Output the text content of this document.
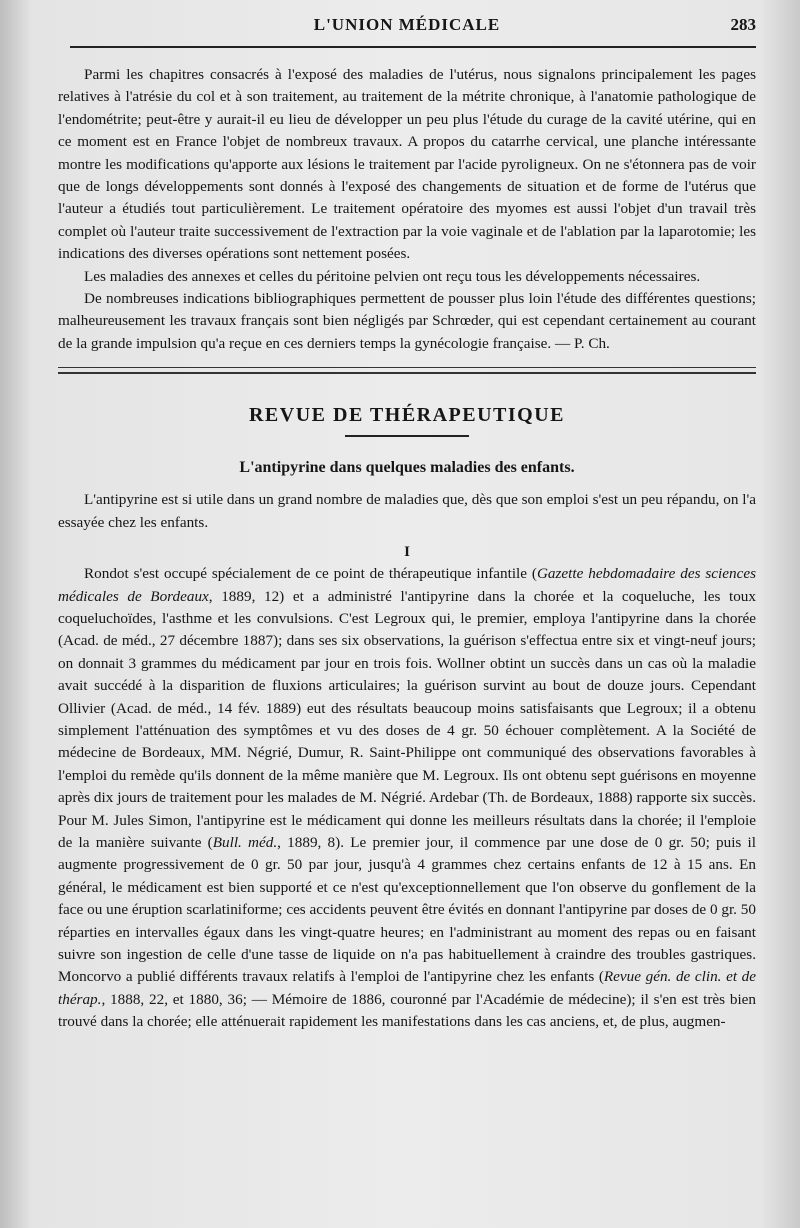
L'UNION MÉDICALE	283

Parmi les chapitres consacrés à l'exposé des maladies de l'utérus, nous signalons principalement les pages relatives à l'atrésie du col et à son traitement, au traitement de la métrite chronique, à l'anatomie pathologique de l'endométrite; peut-être y aurait-il eu lieu de développer un peu plus l'étude du curage de la cavité utérine, qui en ce moment est en France l'objet de nombreux travaux. A propos du catarrhe cervical, une planche intéressante montre les modifications qu'apporte aux lésions le traitement par l'acide pyroligneux. On ne s'étonnera pas de voir que de longs développements sont donnés à l'exposé des changements de situation et de forme de l'utérus que l'auteur a étudiés tout particulièrement. Le traitement opératoire des myomes est aussi l'objet d'un travail très complet où l'auteur traite successivement de l'extraction par la voie vaginale et de l'ablation par la laparotomie; les indications des diverses opérations sont nettement posées.

Les maladies des annexes et celles du péritoine pelvien ont reçu tous les développements nécessaires.

De nombreuses indications bibliographiques permettent de pousser plus loin l'étude des différentes questions; malheureusement les travaux français sont bien négligés par Schrœder, qui est cependant certainement au courant de la grande impulsion qu'a reçue en ces derniers temps la gynécologie française. — P. Ch.

REVUE DE THÉRAPEUTIQUE
L'antipyrine dans quelques maladies des enfants.

L'antipyrine est si utile dans un grand nombre de maladies que, dès que son emploi s'est un peu répandu, on l'a essayée chez les enfants.

I

Rondot s'est occupé spécialement de ce point de thérapeutique infantile (Gazette hebdomadaire des sciences médicales de Bordeaux, 1889, 12) et a administré l'antipyrine dans la chorée et la coqueluche, les toux coqueluchoïdes, l'asthme et les convulsions. C'est Legroux qui, le premier, employa l'antipyrine dans la chorée (Acad. de méd., 27 décembre 1887); dans ses six observations, la guérison s'effectua entre six et vingt-neuf jours; on donnait 3 grammes du médicament par jour en trois fois. Wollner obtint un succès dans un cas où la maladie avait succédé à la disparition de fluxions articulaires; la guérison survint au bout de douze jours. Cependant Ollivier (Acad. de méd., 14 fév. 1889) eut des résultats beaucoup moins satisfaisants que Legroux; il a obtenu simplement l'atténuation des symptômes et vu des doses de 4 gr. 50 échouer complètement. A la Société de médecine de Bordeaux, MM. Négrié, Dumur, R. Saint-Philippe ont communiqué des observations favorables à l'emploi du remède qu'ils donnent de la même manière que M. Legroux. Ils ont obtenu sept guérisons en moyenne après dix jours de traitement pour les malades de M. Négrié. Ardebar (Th. de Bordeaux, 1888) rapporte six succès. Pour M. Jules Simon, l'antipyrine est le médicament qui donne les meilleurs résultats dans la chorée; il l'emploie de la manière suivante (Bull. méd., 1889, 8). Le premier jour, il commence par une dose de 0 gr. 50; puis il augmente progressivement de 0 gr. 50 par jour, jusqu'à 4 grammes chez certains enfants de 12 à 15 ans. En général, le médicament est bien supporté et ce n'est qu'exceptionnellement que l'on observe du gonflement de la face ou une éruption scarlatiniforme; ces accidents peuvent être évités en donnant l'antipyrine par doses de 0 gr. 50 réparties en intervalles égaux dans les vingt-quatre heures; en l'administrant au moment des repas ou en faisant suivre son ingestion de celle d'une tasse de liquide on n'a pas habituellement à craindre des troubles gastriques. Moncorvo a publié différents travaux relatifs à l'emploi de l'antipyrine chez les enfants (Revue gén. de clin. et de thérap., 1888, 22, et 1880, 36; — Mémoire de 1886, couronné par l'Académie de médecine); il s'en est très bien trouvé dans la chorée; elle atténuerait rapidement les manifestations dans les cas anciens, et, de plus, augmen-
